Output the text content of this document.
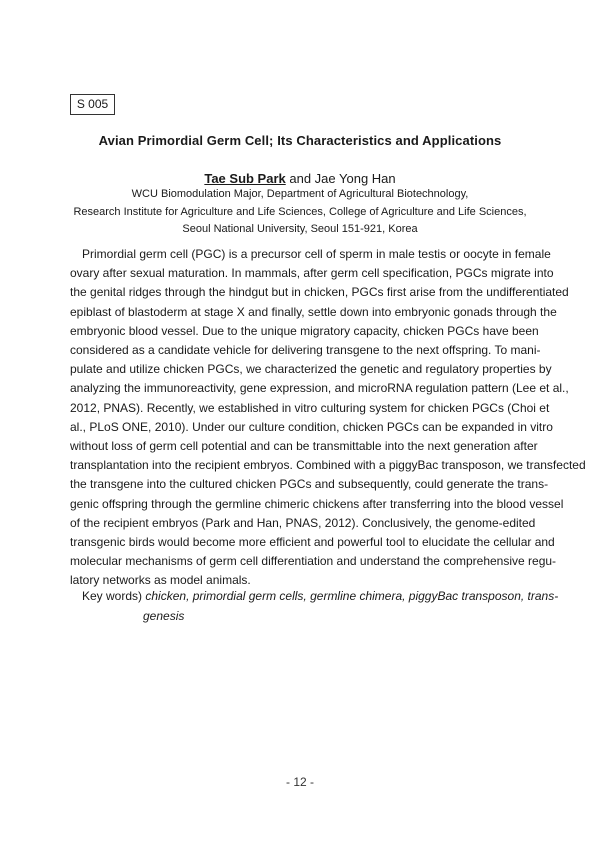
S 005
Avian Primordial Germ Cell; Its Characteristics and Applications
Tae Sub Park and Jae Yong Han
WCU Biomodulation Major, Department of Agricultural Biotechnology,
Research Institute for Agriculture and Life Sciences, College of Agriculture and Life Sciences,
Seoul National University, Seoul 151-921, Korea
Primordial germ cell (PGC) is a precursor cell of sperm in male testis or oocyte in female
ovary after sexual maturation. In mammals, after germ cell specification, PGCs migrate into
the genital ridges through the hindgut but in chicken, PGCs first arise from the undifferentiated
epiblast of blastoderm at stage X and finally, settle down into embryonic gonads through the
embryonic blood vessel. Due to the unique migratory capacity, chicken PGCs have been
considered as a candidate vehicle for delivering transgene to the next offspring. To mani-
pulate and utilize chicken PGCs, we characterized the genetic and regulatory properties by
analyzing the immunoreactivity, gene expression, and microRNA regulation pattern (Lee et al.,
2012, PNAS). Recently, we established in vitro culturing system for chicken PGCs (Choi et
al., PLoS ONE, 2010). Under our culture condition, chicken PGCs can be expanded in vitro
without loss of germ cell potential and can be transmittable into the next generation after
transplantation into the recipient embryos. Combined with a piggyBac transposon, we transfected
the transgene into the cultured chicken PGCs and subsequently, could generate the trans-
genic offspring through the germline chimeric chickens after transferring into the blood vessel
of the recipient embryos (Park and Han, PNAS, 2012). Conclusively, the genome-edited
transgenic birds would become more efficient and powerful tool to elucidate the cellular and
molecular mechanisms of germ cell differentiation and understand the comprehensive regu-
latory networks as model animals.
Key words) chicken, primordial germ cells, germline chimera, piggyBac transposon, trans-
genesis
- 12 -
